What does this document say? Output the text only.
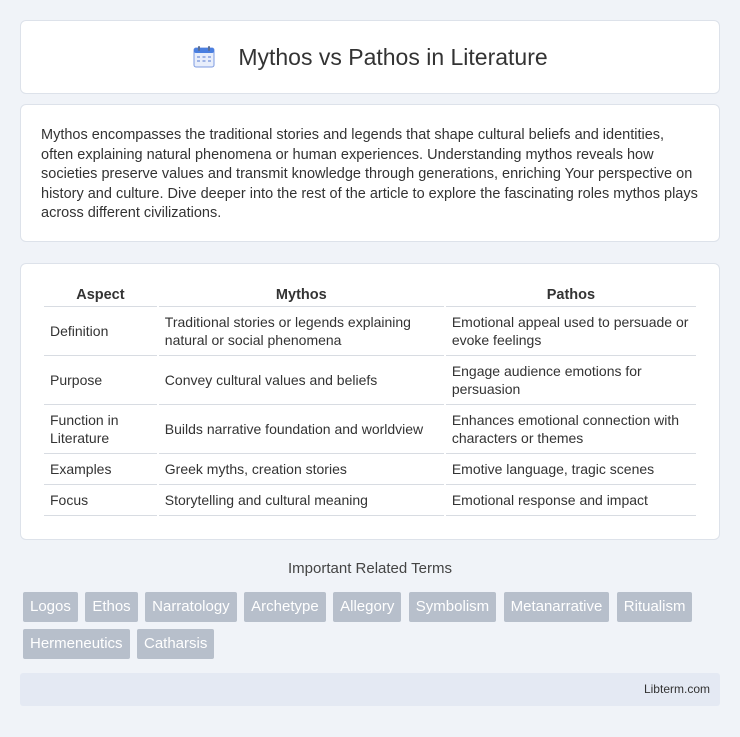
Mythos vs Pathos in Literature

Mythos encompasses the traditional stories and legends that shape cultural beliefs and identities, often explaining natural phenomena or human experiences. Understanding mythos reveals how societies preserve values and transmit knowledge through generations, enriching Your perspective on history and culture. Dive deeper into the rest of the article to explore the fascinating roles mythos plays across different civilizations.

Aspect	Mythos	Pathos
Definition	Traditional stories or legends explaining natural or social phenomena	Emotional appeal used to persuade or evoke feelings
Purpose	Convey cultural values and beliefs	Engage audience emotions for persuasion
Function in Literature	Builds narrative foundation and worldview	Enhances emotional connection with characters or themes
Examples	Greek myths, creation stories	Emotive language, tragic scenes
Focus	Storytelling and cultural meaning	Emotional response and impact
Important Related Terms
Logos Ethos Narratology Archetype Allegory Symbolism Metanarrative Ritualism Hermeneutics Catharsis
Libterm.com
